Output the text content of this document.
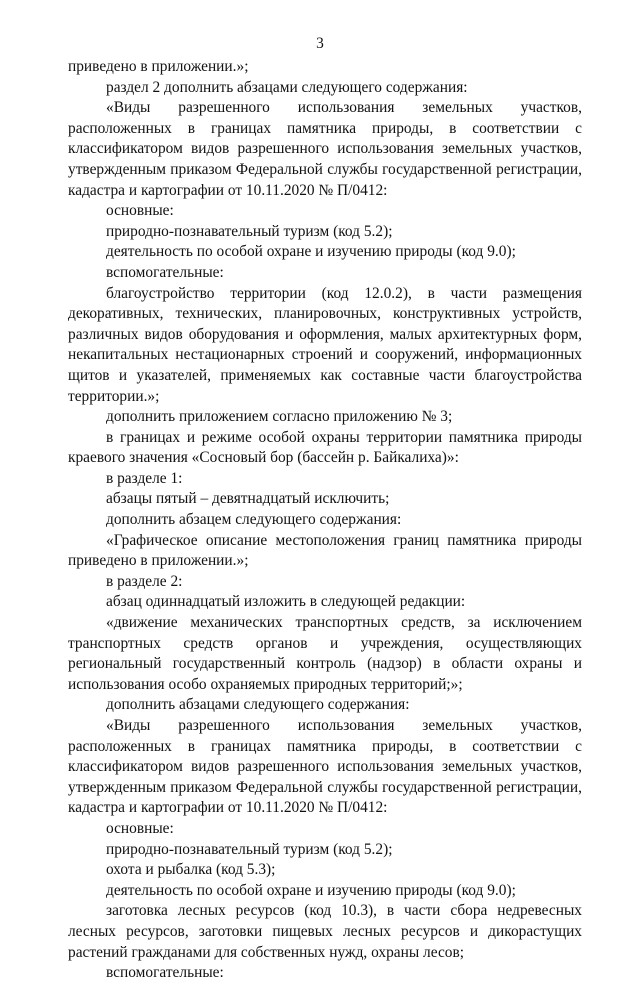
3

приведено в приложении.»;

раздел 2 дополнить абзацами следующего содержания:

«Виды разрешенного использования земельных участков, расположенных в границах памятника природы, в соответствии с классификатором видов разрешенного использования земельных участков, утвержденным приказом Федеральной службы государственной регистрации, кадастра и картографии от 10.11.2020 № П/0412:

основные:

природно-познавательный туризм (код 5.2);

деятельность по особой охране и изучению природы (код 9.0);

вспомогательные:

благоустройство территории (код 12.0.2), в части размещения декоративных, технических, планировочных, конструктивных устройств, различных видов оборудования и оформления, малых архитектурных форм, некапитальных нестационарных строений и сооружений, информационных щитов и указателей, применяемых как составные части благоустройства территории.»;

дополнить приложением согласно приложению № 3;

в границах и режиме особой охраны территории памятника природы краевого значения «Сосновый бор (бассейн р. Байкалиха)»:

в разделе 1:

абзацы пятый – девятнадцатый исключить;

дополнить абзацем следующего содержания:

«Графическое описание местоположения границ памятника природы приведено в приложении.»;

в разделе 2:

абзац одиннадцатый изложить в следующей редакции:

«движение механических транспортных средств, за исключением транспортных средств органов и учреждения, осуществляющих региональный государственный контроль (надзор) в области охраны и использования особо охраняемых природных территорий;»;

дополнить абзацами следующего содержания:

«Виды разрешенного использования земельных участков, расположенных в границах памятника природы, в соответствии с классификатором видов разрешенного использования земельных участков, утвержденным приказом Федеральной службы государственной регистрации, кадастра и картографии от 10.11.2020 № П/0412:

основные:

природно-познавательный туризм (код 5.2);

охота и рыбалка (код 5.3);

деятельность по особой охране и изучению природы (код 9.0);

заготовка лесных ресурсов (код 10.3), в части сбора недревесных лесных ресурсов, заготовки пищевых лесных ресурсов и дикорастущих растений гражданами для собственных нужд, охраны лесов;

вспомогательные:
